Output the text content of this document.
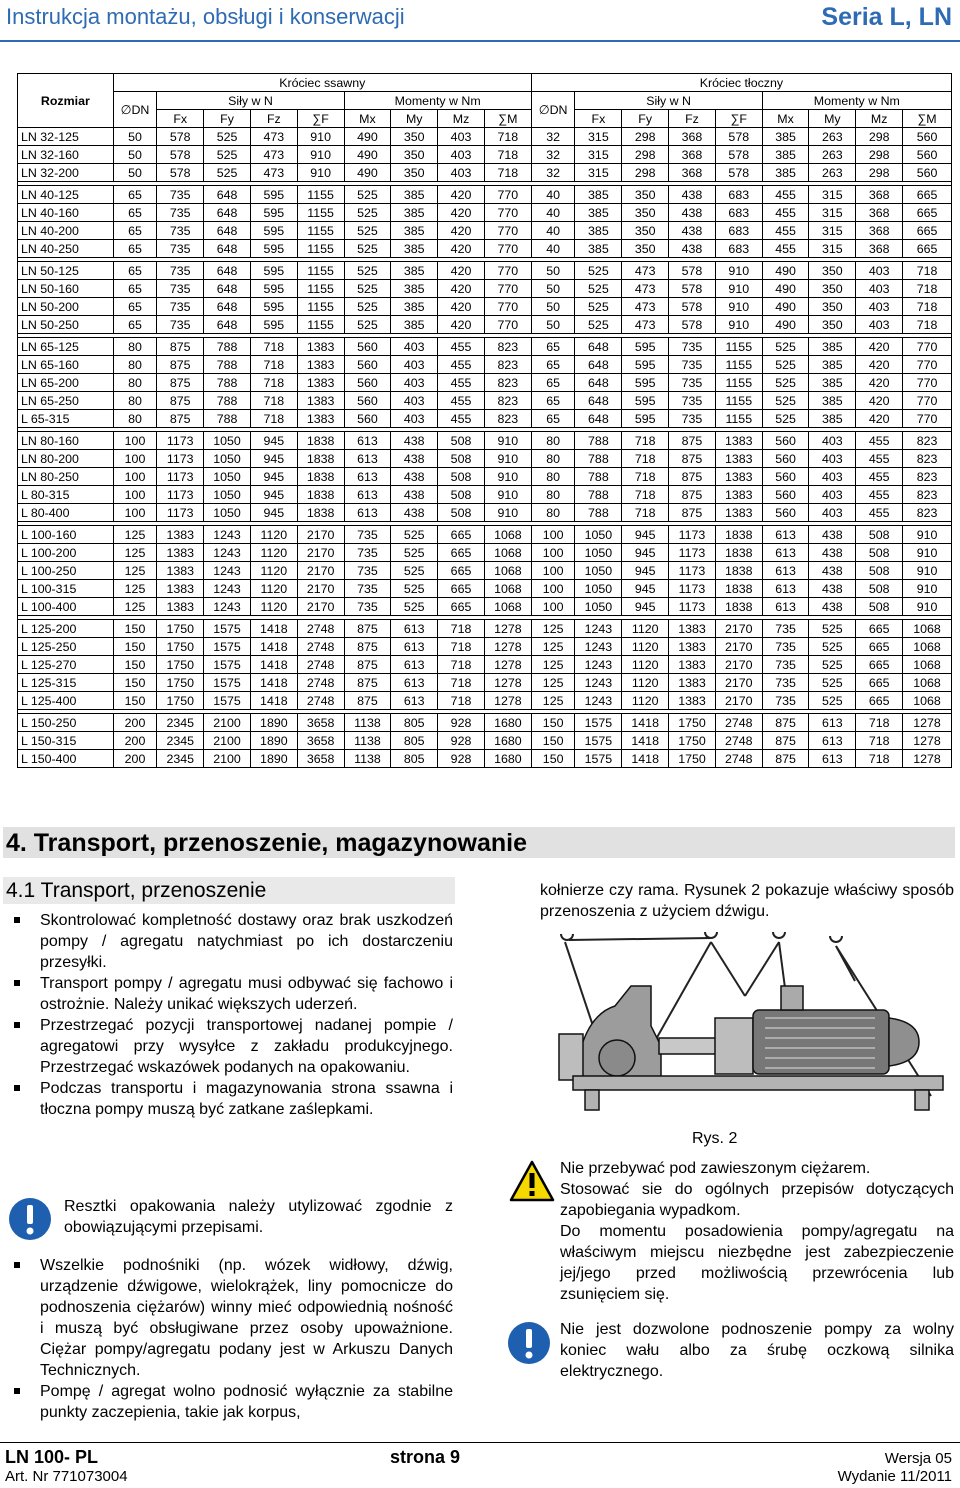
Instrukcja montażu, obsługi i konserwacji	Seria L, LN
Rozmiar	Króciec ssawny									Króciec tłoczny								
	∅DN	Siły w N				Momenty w Nm				∅DN	Siły w N				Momenty w Nm			
		Fx	Fy	Fz	∑F	Mx	My	Mz	∑M		Fx	Fy	Fz	∑F	Mx	My	Mz	∑M
LN 32-125	50	578	525	473	910	490	350	403	718	32	315	298	368	578	385	263	298	560
LN 32-160	50	578	525	473	910	490	350	403	718	32	315	298	368	578	385	263	298	560
LN 32-200	50	578	525	473	910	490	350	403	718	32	315	298	368	578	385	263	298	560

LN 40-125	65	735	648	595	1155	525	385	420	770	40	385	350	438	683	455	315	368	665
LN 40-160	65	735	648	595	1155	525	385	420	770	40	385	350	438	683	455	315	368	665
LN 40-200	65	735	648	595	1155	525	385	420	770	40	385	350	438	683	455	315	368	665
LN 40-250	65	735	648	595	1155	525	385	420	770	40	385	350	438	683	455	315	368	665

LN 50-125	65	735	648	595	1155	525	385	420	770	50	525	473	578	910	490	350	403	718
LN 50-160	65	735	648	595	1155	525	385	420	770	50	525	473	578	910	490	350	403	718
LN 50-200	65	735	648	595	1155	525	385	420	770	50	525	473	578	910	490	350	403	718
LN 50-250	65	735	648	595	1155	525	385	420	770	50	525	473	578	910	490	350	403	718

LN 65-125	80	875	788	718	1383	560	403	455	823	65	648	595	735	1155	525	385	420	770
LN 65-160	80	875	788	718	1383	560	403	455	823	65	648	595	735	1155	525	385	420	770
LN 65-200	80	875	788	718	1383	560	403	455	823	65	648	595	735	1155	525	385	420	770
LN 65-250	80	875	788	718	1383	560	403	455	823	65	648	595	735	1155	525	385	420	770
L 65-315	80	875	788	718	1383	560	403	455	823	65	648	595	735	1155	525	385	420	770

LN 80-160	100	1173	1050	945	1838	613	438	508	910	80	788	718	875	1383	560	403	455	823
LN 80-200	100	1173	1050	945	1838	613	438	508	910	80	788	718	875	1383	560	403	455	823
LN 80-250	100	1173	1050	945	1838	613	438	508	910	80	788	718	875	1383	560	403	455	823
L 80-315	100	1173	1050	945	1838	613	438	508	910	80	788	718	875	1383	560	403	455	823
L 80-400	100	1173	1050	945	1838	613	438	508	910	80	788	718	875	1383	560	403	455	823

L 100-160	125	1383	1243	1120	2170	735	525	665	1068	100	1050	945	1173	1838	613	438	508	910
L 100-200	125	1383	1243	1120	2170	735	525	665	1068	100	1050	945	1173	1838	613	438	508	910
L 100-250	125	1383	1243	1120	2170	735	525	665	1068	100	1050	945	1173	1838	613	438	508	910
L 100-315	125	1383	1243	1120	2170	735	525	665	1068	100	1050	945	1173	1838	613	438	508	910
L 100-400	125	1383	1243	1120	2170	735	525	665	1068	100	1050	945	1173	1838	613	438	508	910

L 125-200	150	1750	1575	1418	2748	875	613	718	1278	125	1243	1120	1383	2170	735	525	665	1068
L 125-250	150	1750	1575	1418	2748	875	613	718	1278	125	1243	1120	1383	2170	735	525	665	1068
L 125-270	150	1750	1575	1418	2748	875	613	718	1278	125	1243	1120	1383	2170	735	525	665	1068
L 125-315	150	1750	1575	1418	2748	875	613	718	1278	125	1243	1120	1383	2170	735	525	665	1068
L 125-400	150	1750	1575	1418	2748	875	613	718	1278	125	1243	1120	1383	2170	735	525	665	1068

L 150-250	200	2345	2100	1890	3658	1138	805	928	1680	150	1575	1418	1750	2748	875	613	718	1278
L 150-315	200	2345	2100	1890	3658	1138	805	928	1680	150	1575	1418	1750	2748	875	613	718	1278
L 150-400	200	2345	2100	1890	3658	1138	805	928	1680	150	1575	1418	1750	2748	875	613	718	1278
4. Transport, przenoszenie, magazynowanie
4.1 Transport, przenoszenie
Skontrolować kompletność dostawy oraz brak uszkodzeń pompy / agregatu natychmiast po ich dostarczeniu przesyłki.
Transport pompy / agregatu musi odbywać się fachowo i ostrożnie. Należy unikać większych uderzeń.
Przestrzegać pozycji transportowej nadanej pompie / agregatowi przy wysyłce z zakładu produkcyjnego. Przestrzegać wskazówek podanych na opakowaniu.
Podczas transportu i magazynowania strona ssawna i tłoczna pompy muszą być zatkane zaślepkami.

Resztki opakowania należy utylizować zgodnie z obowiązującymi przepisami.

Wszelkie podnośniki (np. wózek widłowy, dźwig, urządzenie dźwigowe, wielokrążek, liny pomocnicze do podnoszenia ciężarów) winny mieć odpowiednią nośność i muszą być obsługiwane przez osoby upoważnione. Ciężar pompy/agregatu podany jest w Arkuszu Danych Technicznych.
Pompę / agregat wolno podnosić wyłącznie za stabilne punkty zaczepienia, takie jak korpus,

kołnierze czy rama. Rysunek 2 pokazuje właściwy sposób przenoszenia z użyciem dźwigu.

Rys. 2

Nie przebywać pod zawieszonym ciężarem.

Stosować sie do ogólnych przepisów dotyczących zapobiegania wypadkom.

Do momentu posadowienia pompy/agregatu na właściwym miejscu niezbędne jest zabezpieczenie jej/jego przed możliwością przewrócenia lub zsunięciem się.

Nie jest dozwolone podnoszenie pompy za wolny koniec wału albo za śrubę oczkową silnika elektrycznego.

LN 100- PL	strona 9	Wersja 05
Art. Nr 771073004	Wydanie 11/2011
